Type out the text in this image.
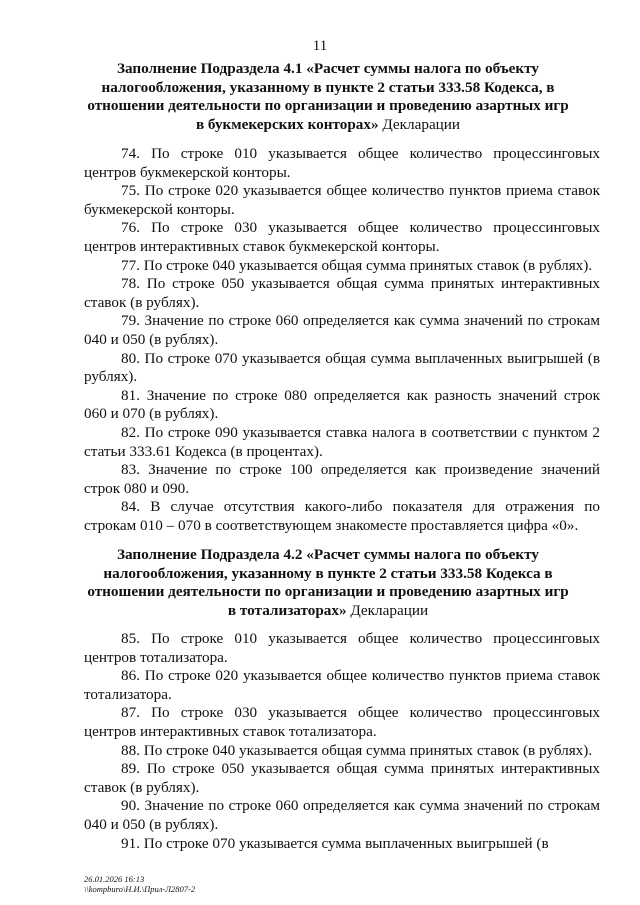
11
Заполнение Подраздела 4.1 «Расчет суммы налога по объекту налогообложения, указанному в пункте 2 статьи 333.58 Кодекса, в отношении деятельности по организации и проведению азартных игр в букмекерских конторах» Декларации

74. По строке 010 указывается общее количество процессинговых центров букмекерской конторы.

75. По строке 020 указывается общее количество пунктов приема ставок букмекерской конторы.

76. По строке 030 указывается общее количество процессинговых центров интерактивных ставок букмекерской конторы.

77. По строке 040 указывается общая сумма принятых ставок (в рублях).

78. По строке 050 указывается общая сумма принятых интерактивных ставок (в рублях).

79. Значение по строке 060 определяется как сумма значений по строкам 040 и 050 (в рублях).

80. По строке 070 указывается общая сумма выплаченных выигрышей (в рублях).

81. Значение по строке 080 определяется как разность значений строк 060 и 070 (в рублях).

82. По строке 090 указывается ставка налога в соответствии с пунктом 2 статьи 333.61 Кодекса (в процентах).

83. Значение по строке 100 определяется как произведение значений строк 080 и 090.

84. В случае отсутствия какого-либо показателя для отражения по строкам 010 – 070 в соответствующем знакоместе проставляется цифра «0».

Заполнение Подраздела 4.2 «Расчет суммы налога по объекту налогообложения, указанному в пункте 2 статьи 333.58 Кодекса в отношении деятельности по организации и проведению азартных игр в тотализаторах» Декларации

85. По строке 010 указывается общее количество процессинговых центров тотализатора.

86. По строке 020 указывается общее количество пунктов приема ставок тотализатора.

87. По строке 030 указывается общее количество процессинговых центров интерактивных ставок тотализатора.

88. По строке 040 указывается общая сумма принятых ставок (в рублях).

89. По строке 050 указывается общая сумма принятых интерактивных ставок (в рублях).

90. Значение по строке 060 определяется как сумма значений по строкам 040 и 050 (в рублях).

91. По строке 070 указывается сумма выплаченных выигрышей (в

26.01.2026 16:13
\\kompburo\Н.И.\Прил-Л2807-2
